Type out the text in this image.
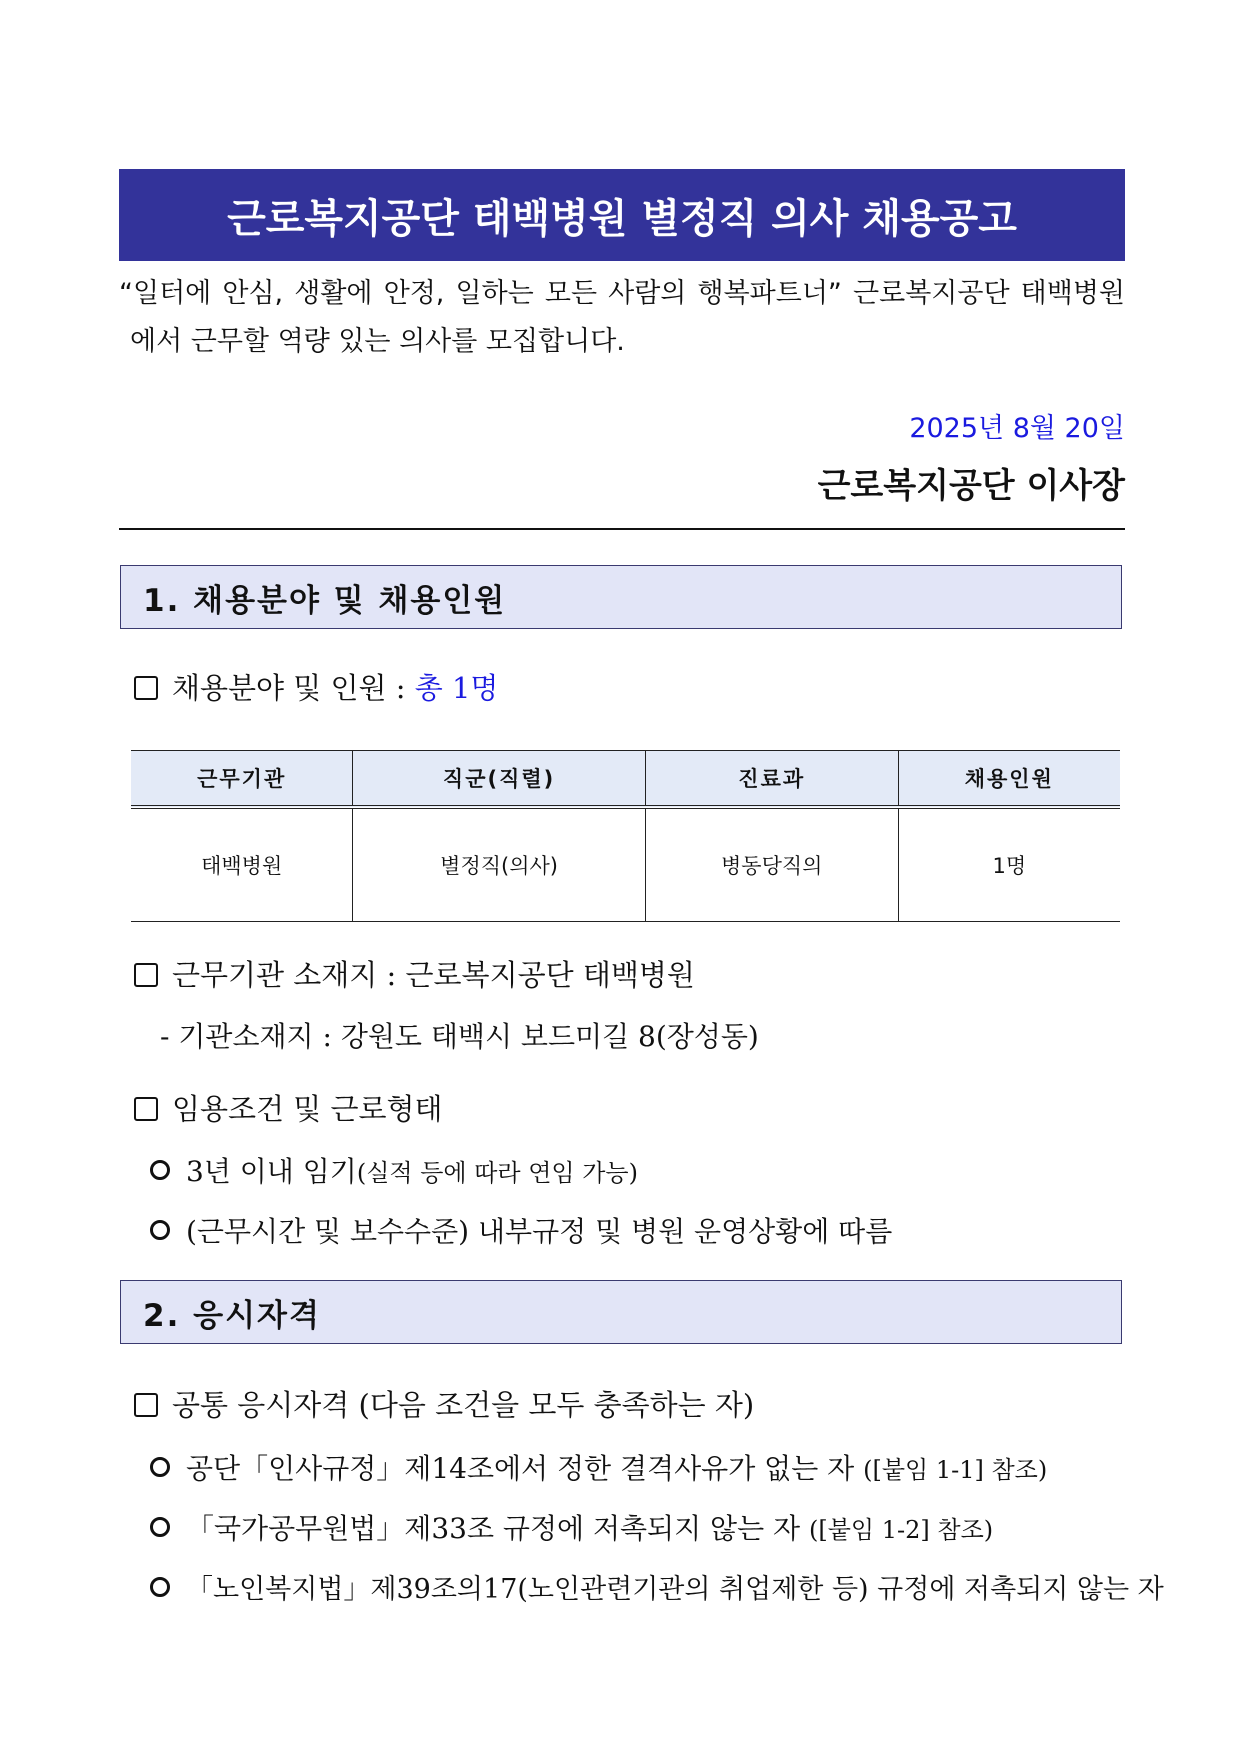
근로복지공단 태백병원 별정직 의사 채용공고
“일터에 안심, 생활에 안정, 일하는 모든 사람의 행복파트너” 근로복지공단 태백병원
에서 근무할 역량 있는 의사를 모집합니다.
2025년 8월 20일
근로복지공단 이사장
1. 채용분야 및 채용인원
채용분야 및 인원 : 총 1명
근무기관	직군(직렬)	진료과	채용인원
태백병원	별정직(의사)	병동당직의	1명
근무기관 소재지 : 근로복지공단 태백병원
- 기관소재지 : 강원도 태백시 보드미길 8(장성동)
임용조건 및 근로형태
3년 이내 임기(실적 등에 따라 연임 가능)
(근무시간 및 보수수준) 내부규정 및 병원 운영상황에 따름
2. 응시자격
공통 응시자격 (다음 조건을 모두 충족하는 자)
공단「인사규정」제14조에서 정한 결격사유가 없는 자 ([붙임 1-1] 참조)
「국가공무원법」제33조 규정에 저촉되지 않는 자 ([붙임 1-2] 참조)
「노인복지법」제39조의17(노인관련기관의 취업제한 등) 규정에 저촉되지 않는 자
